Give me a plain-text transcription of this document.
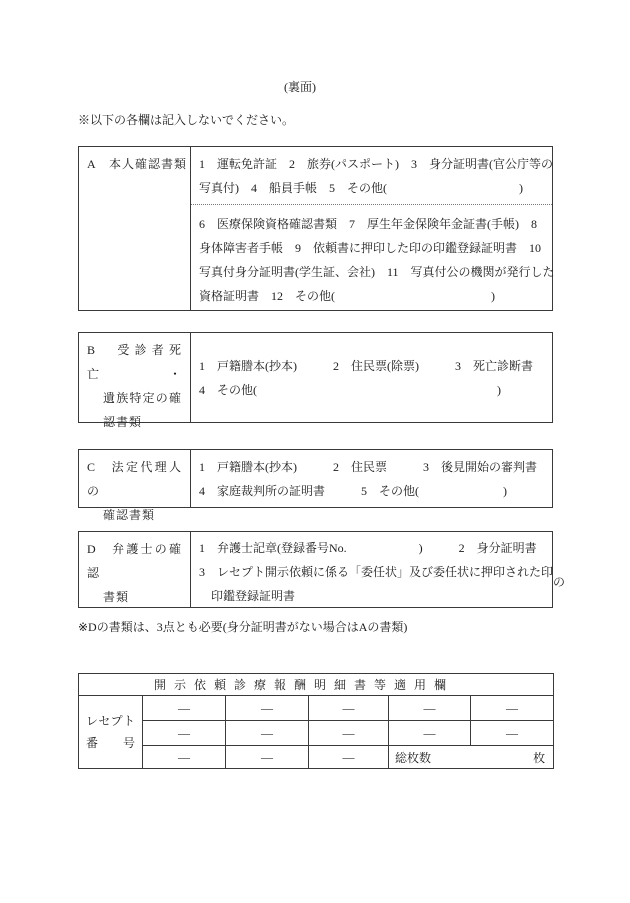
(裏面)
※以下の各欄は記入しないでください。
A　本人確認書類 1　運転免許証　2　旅券(パスポート)　3　身分証明書(官公庁等の
写真付)　4　船員手帳　5　その他(　　　　　　　　　　　)
6　医療保険資格確認書類　7　厚生年金保険年金証書(手帳)　8
身体障害者手帳　9　依頼書に押印した印の印鑑登録証明書　10
写真付身分証明書(学生証、会社)　11　写真付公の機関が発行した
資格証明書　12　その他(　　　　　　　　　　　　　)
B　受診者死亡・
遺族特定の確
認書類
1　戸籍謄本(抄本)　　　2　住民票(除票)　　　3　死亡診断書
4　その他(　　　　　　　　　　　　　　　　　　　　)
C　法定代理人の
確認書類
1　戸籍謄本(抄本)　　　2　住民票　　　3　後見開始の審判書
4　家庭裁判所の証明書　　　5　その他(　　　　　　　)
D　弁護士の確認
書類
1　弁護士記章(登録番号No.　　　　　　)　　　2　身分証明書
3　レセプト開示依頼に係る「委任状」及び委任状に押印された印の
印鑑登録証明書
※Dの書類は、3点とも必要(身分証明書がない場合はAの書類)
開示依頼診療報酬明細書等適用欄					

レセプト
番　　号	―	―	―	―	―
	―	―	―	―	―
	―	―	―	総枚数 枚	
